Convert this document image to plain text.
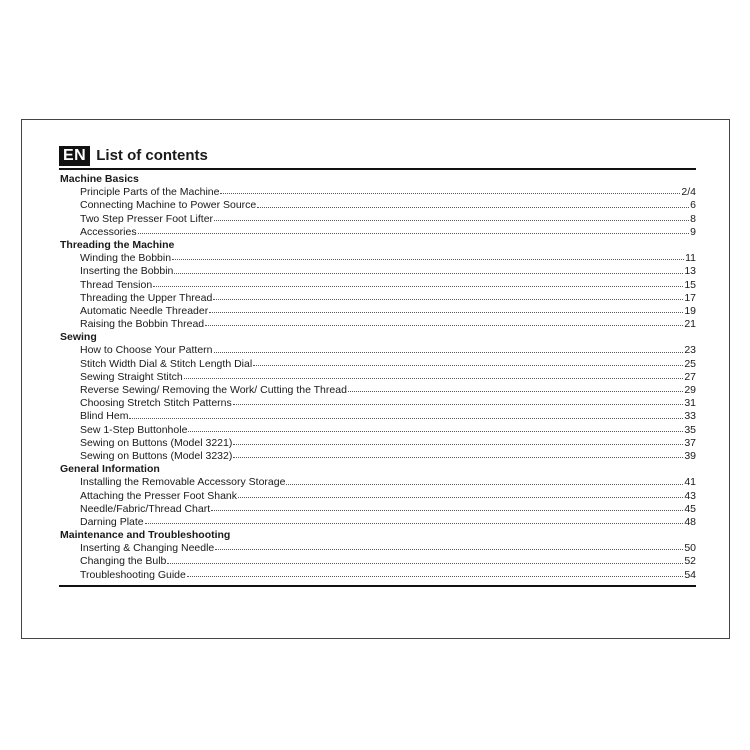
EN List of contents
Machine Basics
Principle Parts of the Machine	2/4
Connecting Machine to Power Source	6
Two Step Presser Foot Lifter	8
Accessories	9
Threading the Machine
Winding the Bobbin	11
Inserting the Bobbin	13
Thread Tension	15
Threading the Upper Thread	17
Automatic Needle Threader	19
Raising the Bobbin Thread	21
Sewing
How to Choose Your Pattern	23
Stitch Width Dial & Stitch Length Dial	25
Sewing Straight Stitch	27
Reverse Sewing/ Removing the Work/ Cutting the Thread	29
Choosing Stretch Stitch Patterns	31
Blind Hem	33
Sew 1-Step Buttonhole	35
Sewing on Buttons (Model 3221)	37
Sewing on Buttons (Model 3232)	39
General Information
Installing the Removable Accessory Storage	41
Attaching the Presser Foot Shank	43
Needle/Fabric/Thread Chart	45
Darning Plate	48
Maintenance and Troubleshooting
Inserting & Changing Needle	50
Changing the Bulb	52
Troubleshooting Guide	54
